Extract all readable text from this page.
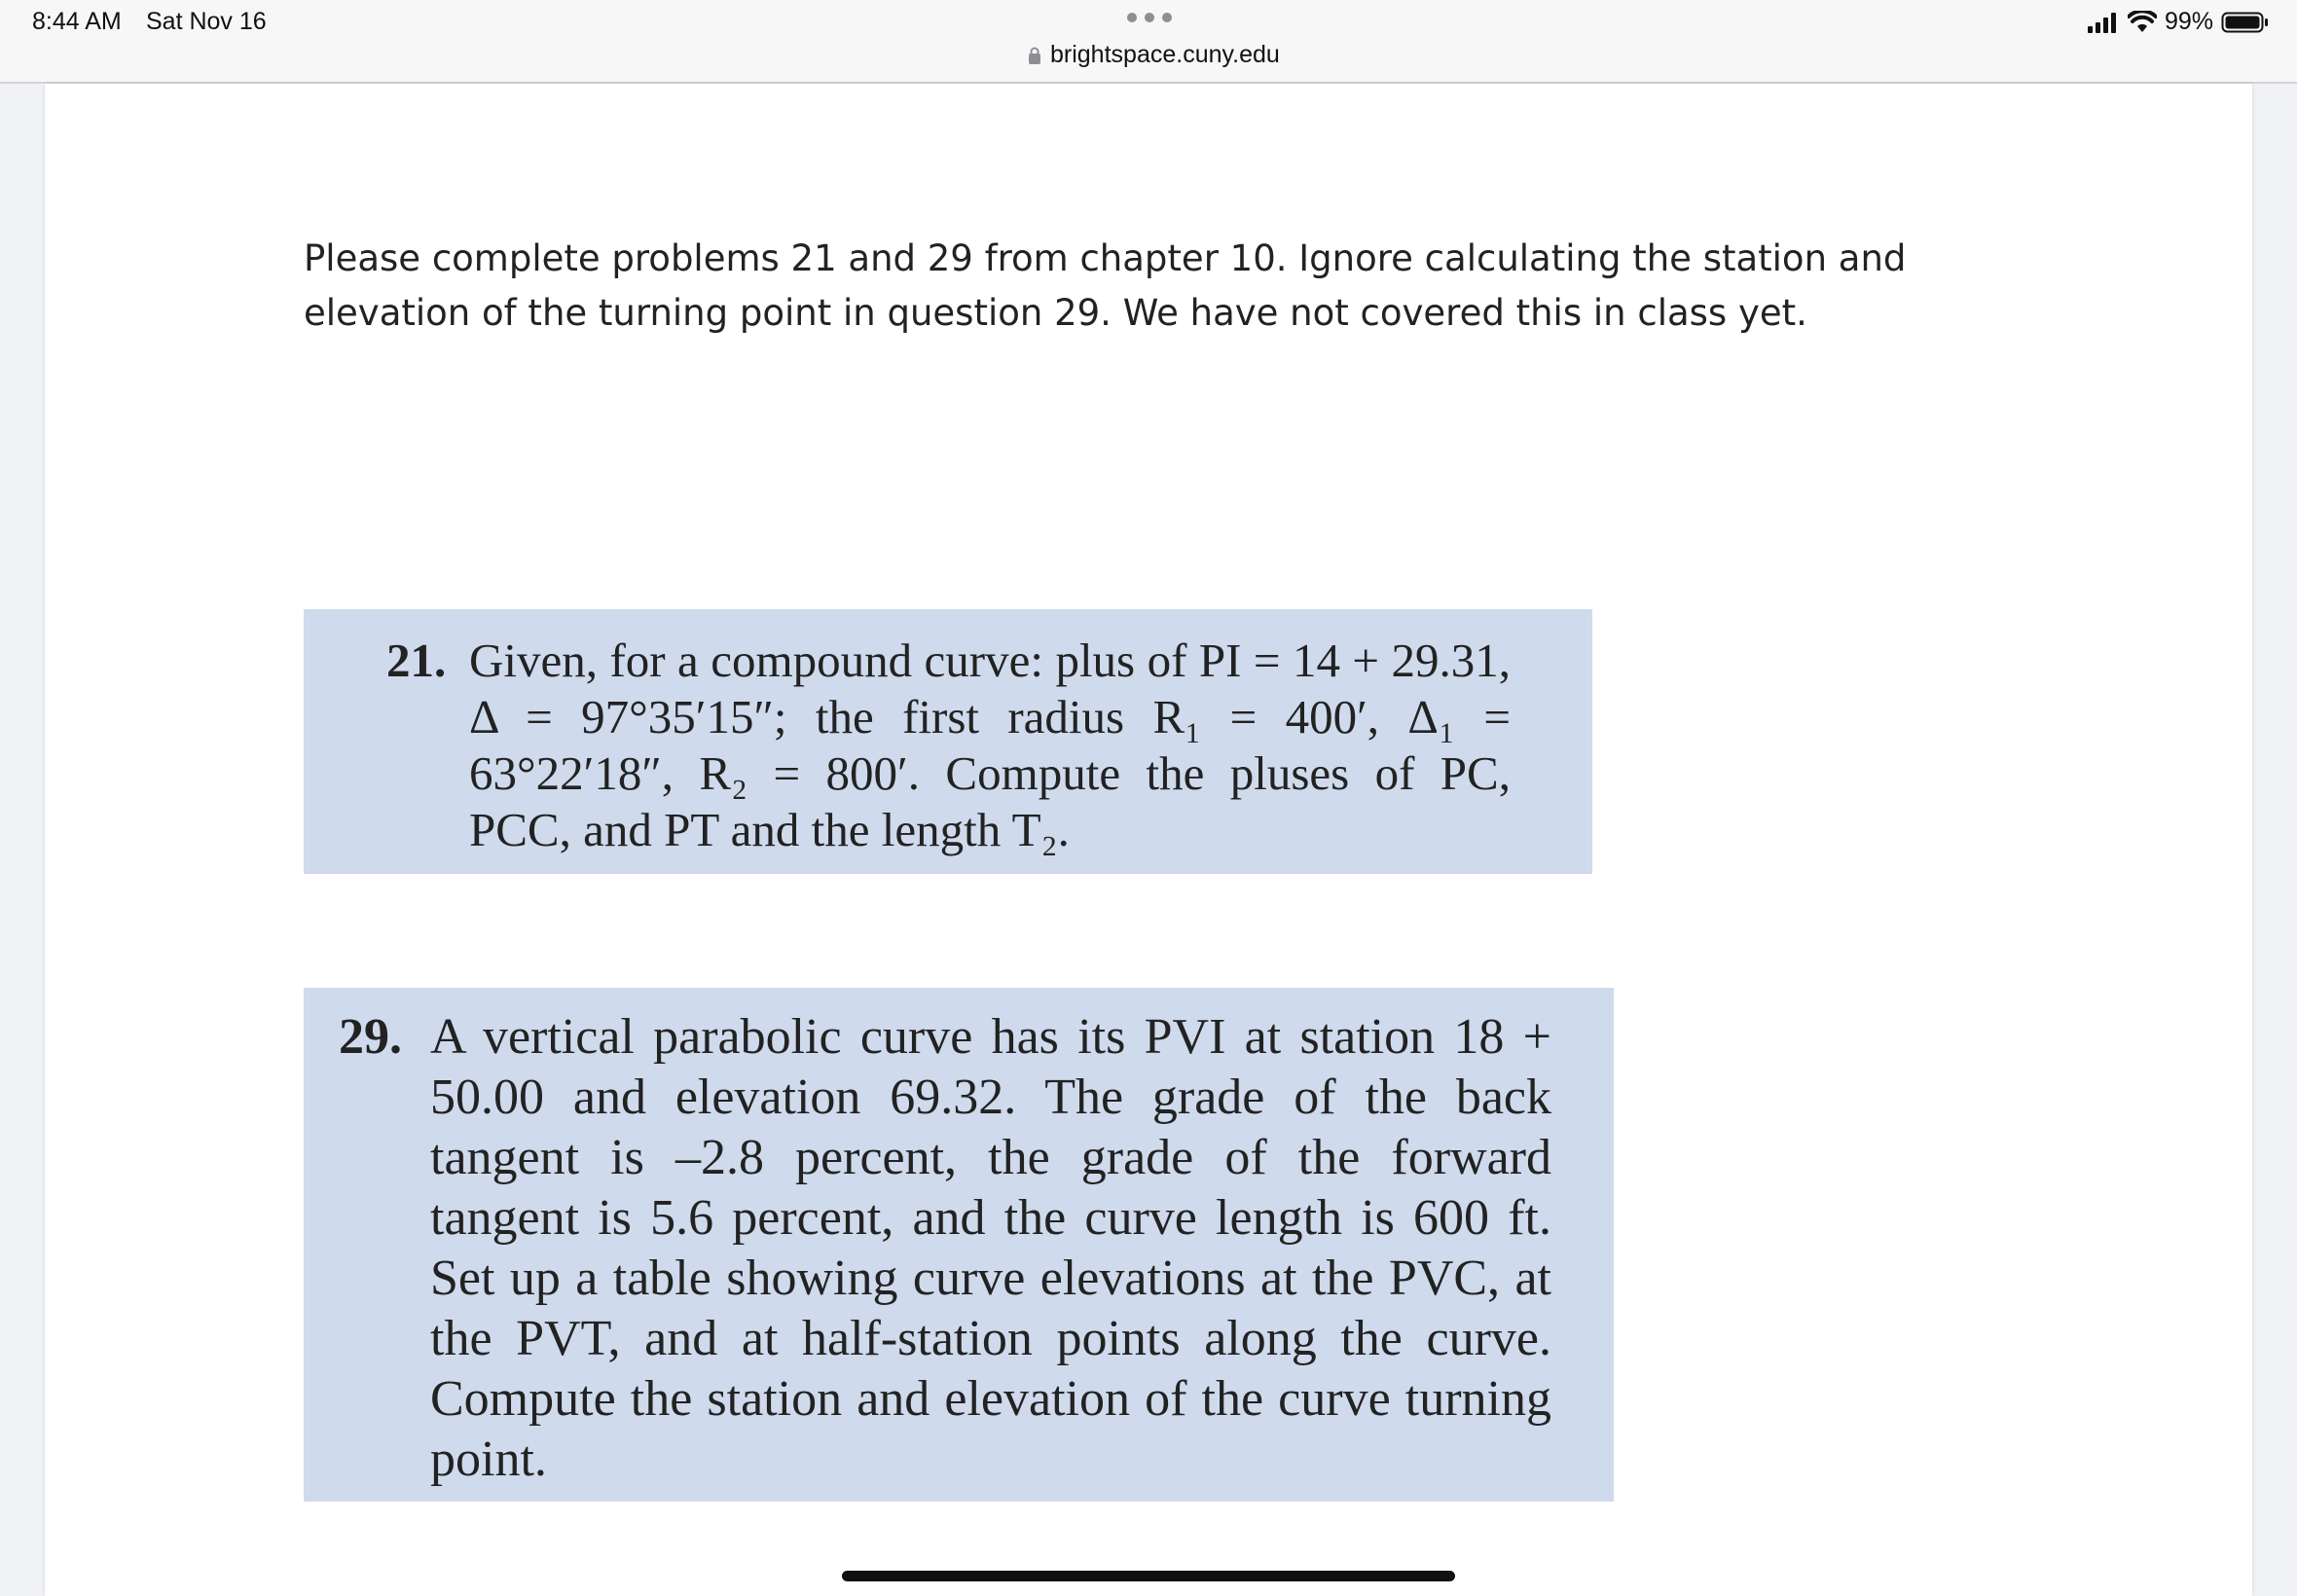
8:44 AM Sat Nov 16
brightspace.cuny.edu
99%
Please complete problems 21 and 29 from chapter 10. Ignore calculating the station and elevation of the turning point in question 29. We have not covered this in class yet.
21. Given, for a compound curve: plus of PI = 14 + 29.31, Δ = 97°35′15″; the first radius R₁ = 400′, Δ₁ = 63°22′18″, R₂ = 800′. Compute the pluses of PC, PCC, and PT and the length T₂.
29. A vertical parabolic curve has its PVI at station 18 + 50.00 and elevation 69.32. The grade of the back tangent is –2.8 percent, the grade of the forward tangent is 5.6 percent, and the curve length is 600 ft. Set up a table showing curve elevations at the PVC, at the PVT, and at half-station points along the curve. Compute the station and elevation of the curve turning point.
